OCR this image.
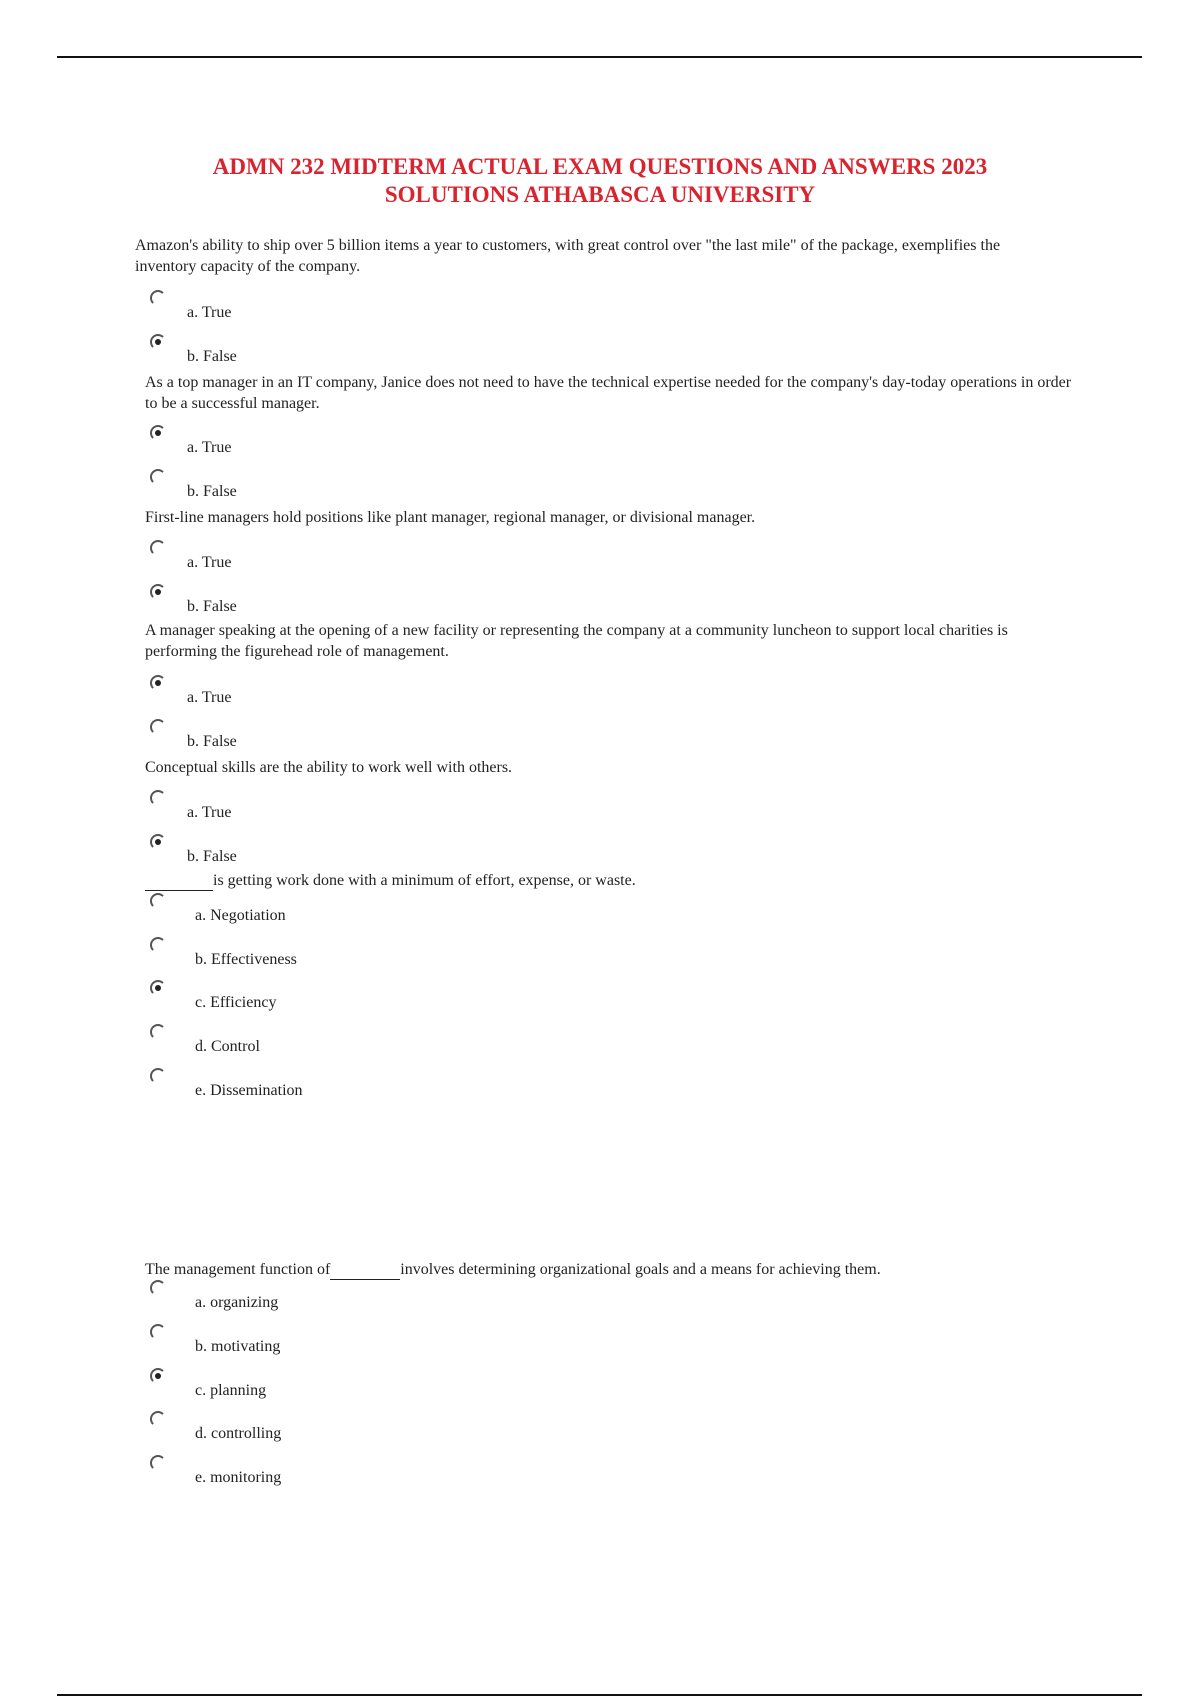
ADMN 232 MIDTERM ACTUAL EXAM QUESTIONS AND ANSWERS 2023
SOLUTIONS ATHABASCA UNIVERSITY
Amazon's ability to ship over 5 billion items a year to customers, with great control over "the last mile" of the package, exemplifies the inventory capacity of the company.
a. True
b. False
As a top manager in an IT company, Janice does not need to have the technical expertise needed for the company's day-today operations in order to be a successful manager.
a. True
b. False
First-line managers hold positions like plant manager, regional manager, or divisional manager.
a. True
b. False
A manager speaking at the opening of a new facility or representing the company at a community luncheon to support local charities is performing the figurehead role of management.
a. True
b. False
Conceptual skills are the ability to work well with others.
a. True
b. False
is getting work done with a minimum of effort, expense, or waste.
a. Negotiation
b. Effectiveness
c. Efficiency
d. Control
e. Dissemination
The management function of	involves determining organizational goals and a means for achieving them.
a. organizing
b. motivating
c. planning
d. controlling
e. monitoring
